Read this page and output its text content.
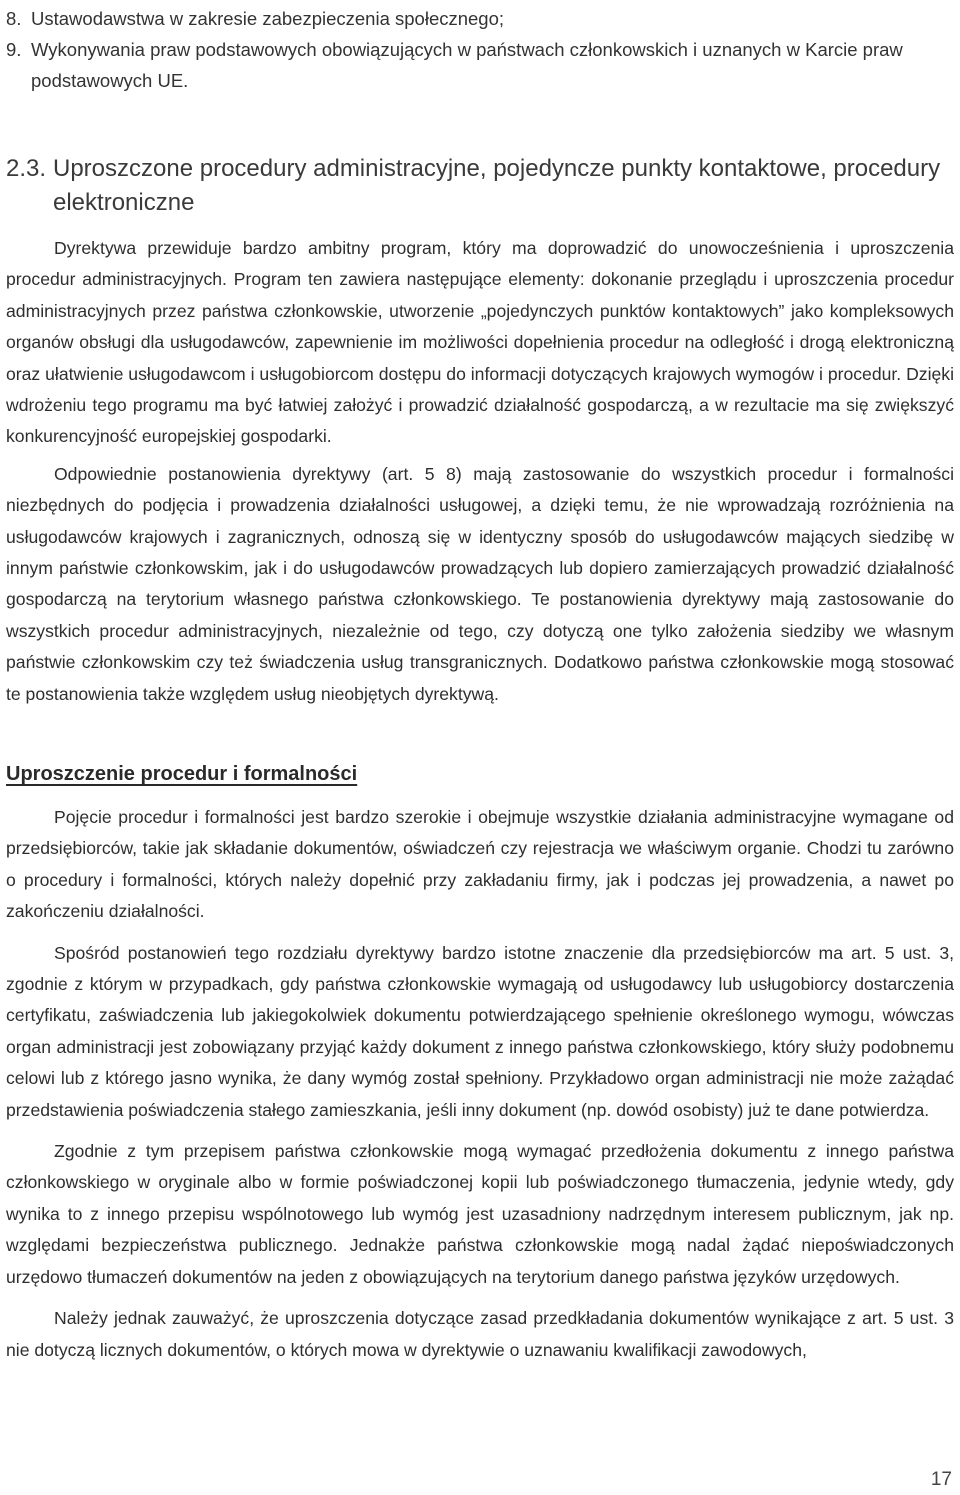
8. Ustawodawstwa w zakresie zabezpieczenia społecznego;
9. Wykonywania praw podstawowych obowiązujących w państwach członkowskich i uznanych w Karcie praw podstawowych UE.
2.3. Uproszczone procedury administracyjne, pojedyncze punkty kontaktowe, procedury elektroniczne

Dyrektywa przewiduje bardzo ambitny program, który ma doprowadzić do unowocześnienia i uproszczenia procedur administracyjnych. Program ten zawiera następujące elementy: dokonanie przeglądu i uproszczenia procedur administracyjnych przez państwa członkowskie, utworzenie „pojedynczych punktów kontaktowych” jako kompleksowych organów obsługi dla usługodawców, zapewnienie im możliwości dopełnienia procedur na odległość i drogą elektroniczną oraz ułatwienie usługodawcom i usługobiorcom dostępu do informacji dotyczących krajowych wymogów i procedur. Dzięki wdrożeniu tego programu ma być łatwiej założyć i prowadzić działalność gospodarczą, a w rezultacie ma się zwiększyć konkurencyjność europejskiej gospodarki.

Odpowiednie postanowienia dyrektywy (art. 5 8) mają zastosowanie do wszystkich procedur i formalności niezbędnych do podjęcia i prowadzenia działalności usługowej, a dzięki temu, że nie wprowadzają rozróżnienia na usługodawców krajowych i zagranicznych, odnoszą się w identyczny sposób do usługodawców mających siedzibę w innym państwie członkowskim, jak i do usługodawców prowadzących lub dopiero zamierzających prowadzić działalność gospodarczą na terytorium własnego państwa członkowskiego. Te postanowienia dyrektywy mają zastosowanie do wszystkich procedur administracyjnych, niezależnie od tego, czy dotyczą one tylko założenia siedziby we własnym państwie członkowskim czy też świadczenia usług transgranicznych. Dodatkowo państwa członkowskie mogą stosować te postanowienia także względem usług nieobjętych dyrektywą.

Uproszczenie procedur i formalności

Pojęcie procedur i formalności jest bardzo szerokie i obejmuje wszystkie działania administracyjne wymagane od przedsiębiorców, takie jak składanie dokumentów, oświadczeń czy rejestracja we właściwym organie. Chodzi tu zarówno o procedury i formalności, których należy dopełnić przy zakładaniu firmy, jak i podczas jej prowadzenia, a nawet po zakończeniu działalności.

Spośród postanowień tego rozdziału dyrektywy bardzo istotne znaczenie dla przedsiębiorców ma art. 5 ust. 3, zgodnie z którym w przypadkach, gdy państwa członkowskie wymagają od usługodawcy lub usługobiorcy dostarczenia certyfikatu, zaświadczenia lub jakiegokolwiek dokumentu potwierdzającego spełnienie określonego wymogu, wówczas organ administracji jest zobowiązany przyjąć każdy dokument z innego państwa członkowskiego, który służy podobnemu celowi lub z którego jasno wynika, że dany wymóg został spełniony. Przykładowo organ administracji nie może zażądać przedstawienia poświadczenia stałego zamieszkania, jeśli inny dokument (np. dowód osobisty) już te dane potwierdza.

Zgodnie z tym przepisem państwa członkowskie mogą wymagać przedłożenia dokumentu z innego państwa członkowskiego w oryginale albo w formie poświadczonej kopii lub poświadczonego tłumaczenia, jedynie wtedy, gdy wynika to z innego przepisu wspólnotowego lub wymóg jest uzasadniony nadrzędnym interesem publicznym, jak np. względami bezpieczeństwa publicznego. Jednakże państwa członkowskie mogą nadal żądać niepoświadczonych urzędowo tłumaczeń dokumentów na jeden z obowiązujących na terytorium danego państwa języków urzędowych.

Należy jednak zauważyć, że uproszczenia dotyczące zasad przedkładania dokumentów wynikające z art. 5 ust. 3 nie dotyczą licznych dokumentów, o których mowa w dyrektywie o uznawaniu kwalifikacji zawodowych,

17
